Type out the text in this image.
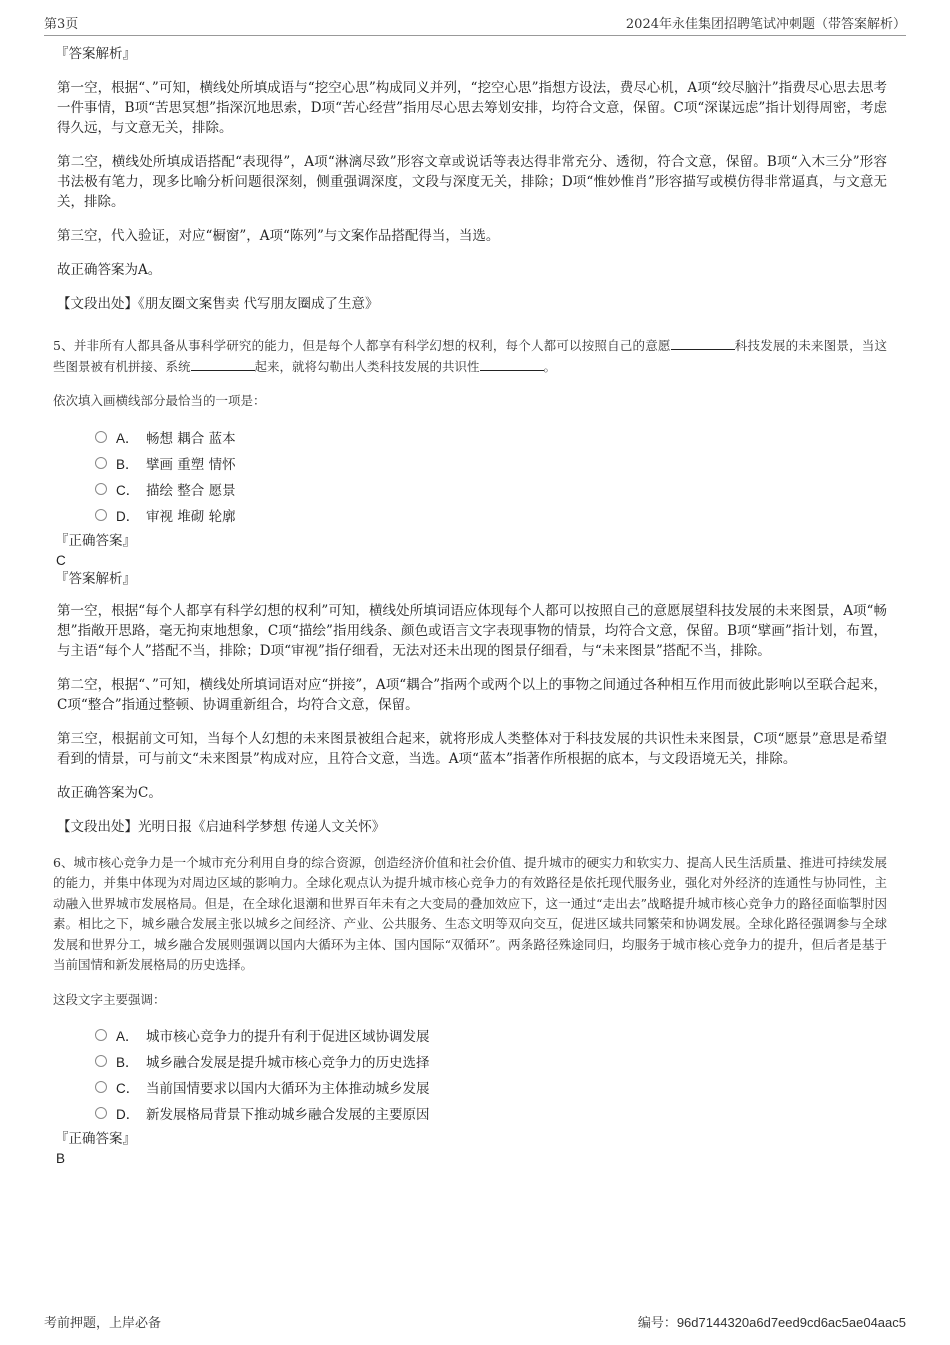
第3页	2024年永佳集团招聘笔试冲刺题（带答案解析）

『答案解析』

第一空，根据“、”可知，横线处所填成语与“挖空心思”构成同义并列，“挖空心思”指想方设法，费尽心机，A项“绞尽脑汁”指费尽心思去思考一件事情，B项“苦思冥想”指深沉地思索，D项“苦心经营”指用尽心思去筹划安排，均符合文意，保留。C项“深谋远虑”指计划得周密，考虑得久远，与文意无关，排除。

第二空，横线处所填成语搭配“表现得”，A项“淋漓尽致”形容文章或说话等表达得非常充分、透彻，符合文意，保留。B项“入木三分”形容书法极有笔力，现多比喻分析问题很深刻，侧重强调深度，文段与深度无关，排除；D项“惟妙惟肖”形容描写或模仿得非常逼真，与文意无关，排除。

第三空，代入验证，对应“橱窗”，A项“陈列”与文案作品搭配得当，当选。

故正确答案为A。

【文段出处】《朋友圈文案售卖 代写朋友圈成了生意》

5、并非所有人都具备从事科学研究的能力，但是每个人都享有科学幻想的权利，每个人都可以按照自己的意愿	科技发展的未来图景，当这些图景被有机拼接、系统	起来，就将勾勒出人类科技发展的共识性	。

依次填入画横线部分最恰当的一项是：

A． 畅想 耦合 蓝本
B． 擘画 重塑 情怀
C． 描绘 整合 愿景
D． 审视 堆砌 轮廓

『正确答案』

C

『答案解析』

第一空，根据“每个人都享有科学幻想的权利”可知，横线处所填词语应体现每个人都可以按照自己的意愿展望科技发展的未来图景，A项“畅想”指敞开思路，毫无拘束地想象，C项“描绘”指用线条、颜色或语言文字表现事物的情景，均符合文意，保留。B项“擘画”指计划，布置，与主语“每个人”搭配不当，排除；D项“审视”指仔细看，无法对还未出现的图景仔细看，与“未来图景”搭配不当，排除。

第二空，根据“、”可知，横线处所填词语对应“拼接”，A项“耦合”指两个或两个以上的事物之间通过各种相互作用而彼此影响以至联合起来，C项“整合”指通过整顿、协调重新组合，均符合文意，保留。

第三空，根据前文可知，当每个人幻想的未来图景被组合起来，就将形成人类整体对于科技发展的共识性未来图景，C项“愿景”意思是希望看到的情景，可与前文“未来图景”构成对应，且符合文意，当选。A项“蓝本”指著作所根据的底本，与文段语境无关，排除。

故正确答案为C。

【文段出处】光明日报《启迪科学梦想 传递人文关怀》

6、城市核心竞争力是一个城市充分利用自身的综合资源，创造经济价值和社会价值、提升城市的硬实力和软实力、提高人民生活质量、推进可持续发展的能力，并集中体现为对周边区域的影响力。全球化观点认为提升城市核心竞争力的有效路径是依托现代服务业，强化对外经济的连通性与协同性，主动融入世界城市发展格局。但是，在全球化退潮和世界百年未有之大变局的叠加效应下，这一通过“走出去”战略提升城市核心竞争力的路径面临掣肘因素。相比之下，城乡融合发展主张以城乡之间经济、产业、公共服务、生态文明等双向交互，促进区域共同繁荣和协调发展。全球化路径强调参与全球发展和世界分工，城乡融合发展则强调以国内大循环为主体、国内国际“双循环”。两条路径殊途同归，均服务于城市核心竞争力的提升，但后者是基于当前国情和新发展格局的历史选择。

这段文字主要强调：

A． 城市核心竞争力的提升有利于促进区域协调发展
B． 城乡融合发展是提升城市核心竞争力的历史选择
C． 当前国情要求以国内大循环为主体推动城乡发展
D． 新发展格局背景下推动城乡融合发展的主要原因

『正确答案』

B

考前押题，上岸必备	编号：96d7144320a6d7eed9cd6ac5ae04aac5
